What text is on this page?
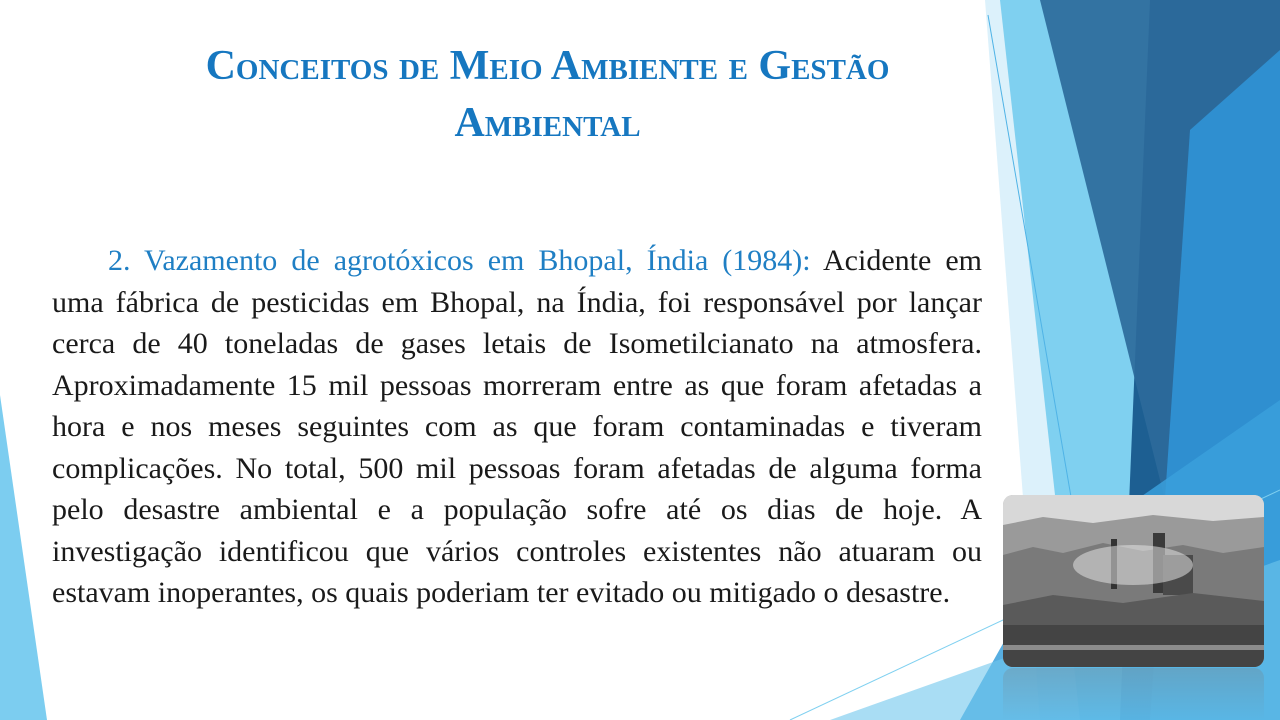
Conceitos de Meio Ambiente e Gestão
Ambiental
2. Vazamento de agrotóxicos em Bhopal, Índia (1984): Acidente em uma fábrica de pesticidas em Bhopal, na Índia, foi responsável por lançar cerca de 40 toneladas de gases letais de Isometilcianato na atmosfera. Aproximadamente 15 mil pessoas morreram entre as que foram afetadas a hora e nos meses seguintes com as que foram contaminadas e tiveram complicações. No total, 500 mil pessoas foram afetadas de alguma forma pelo desastre ambiental e a população sofre até os dias de hoje. A investigação identificou que vários controles existentes não atuaram ou estavam inoperantes, os quais poderiam ter evitado ou mitigado o desastre.
